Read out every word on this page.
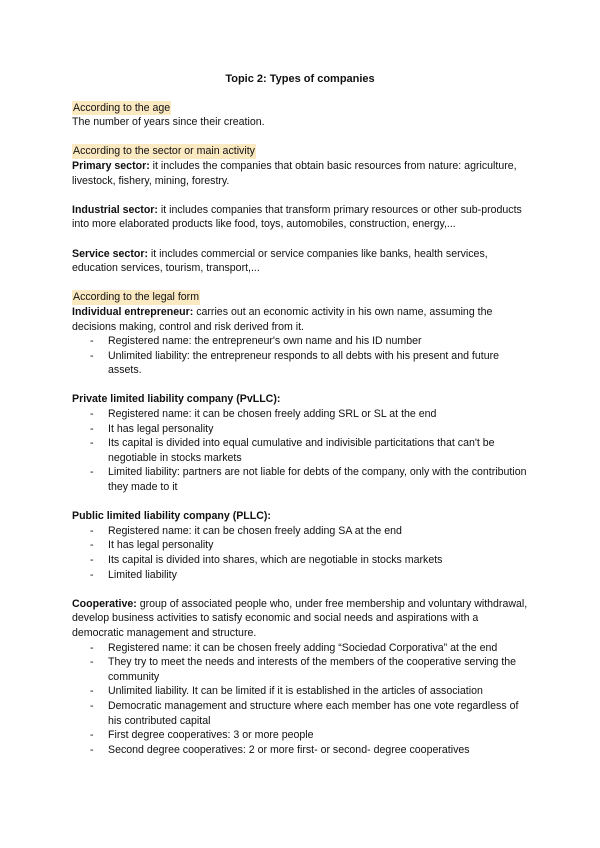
Topic 2: Types of companies

According to the age

The number of years since their creation.

According to the sector or main activity

Primary sector: it includes the companies that obtain basic resources from nature: agriculture, livestock, fishery, mining, forestry.

Industrial sector: it includes companies that transform primary resources or other sub-products into more elaborated products like food, toys, automobiles, construction, energy,...

Service sector: it includes commercial or service companies like banks, health services, education services, tourism, transport,...

According to the legal form

Individual entrepreneur: carries out an economic activity in his own name, assuming the decisions making, control and risk derived from it.

- Registered name: the entrepreneur's own name and his ID number
- Unlimited liability: the entrepreneur responds to all debts with his present and future assets.

Private limited liability company (PvLLC):

- Registered name: it can be chosen freely adding SRL or SL at the end
- It has legal personality
- Its capital is divided into equal cumulative and indivisible particitations that can't be negotiable in stocks markets
- Limited liability: partners are not liable for debts of the company, only with the contribution they made to it

Public limited liability company (PLLC):

- Registered name: it can be chosen freely adding SA at the end
- It has legal personality
- Its capital is divided into shares, which are negotiable in stocks markets
- Limited liability

Cooperative: group of associated people who, under free membership and voluntary withdrawal, develop business activities to satisfy economic and social needs and aspirations with a democratic management and structure.

- Registered name: it can be chosen freely adding “Sociedad Corporativa” at the end
- They try to meet the needs and interests of the members of the cooperative serving the community
- Unlimited liability. It can be limited if it is established in the articles of association
- Democratic management and structure where each member has one vote regardless of his contributed capital
- First degree cooperatives: 3 or more people
- Second degree cooperatives: 2 or more first- or second- degree cooperatives
